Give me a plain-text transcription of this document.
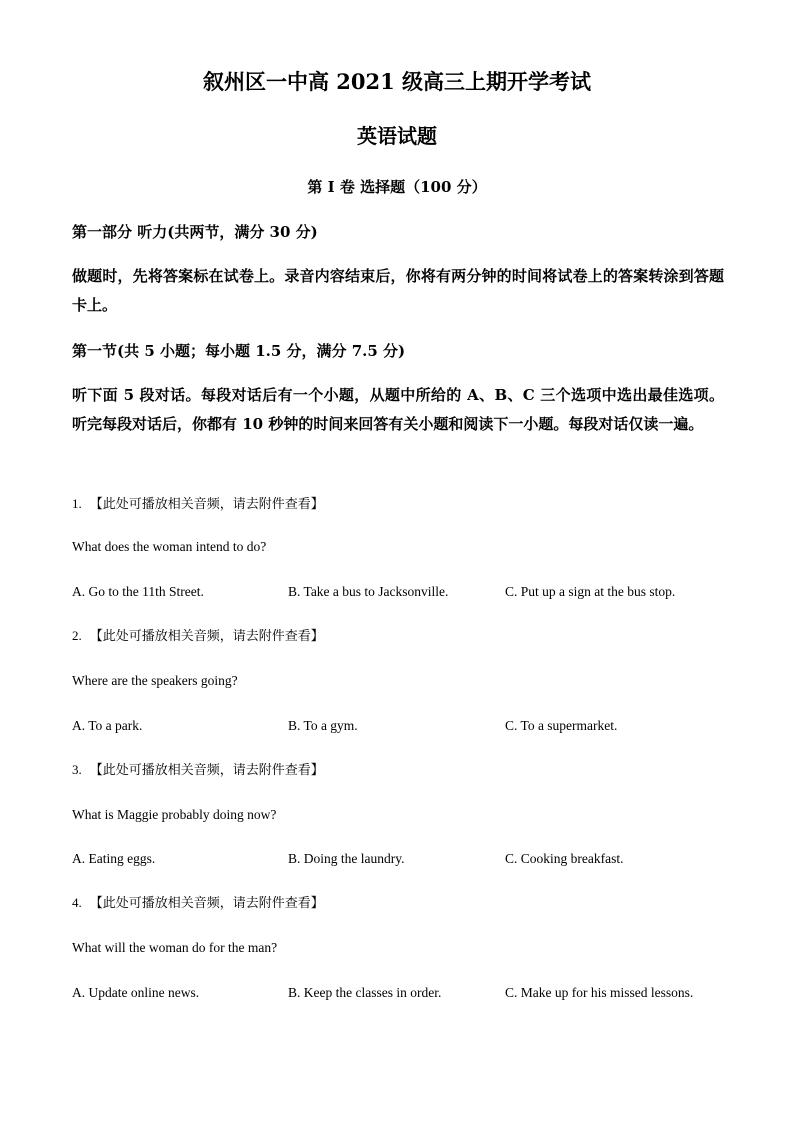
叙州区一中高 2021 级高三上期开学考试
英语试题
第 I 卷 选择题（100 分）
第一部分 听力(共两节，满分 30 分)
做题时，先将答案标在试卷上。录音内容结束后，你将有两分钟的时间将试卷上的答案转涂到答题卡上。
第一节(共 5 小题；每小题 1.5 分，满分 7.5 分)
听下面 5 段对话。每段对话后有一个小题，从题中所给的 A、B、C 三个选项中选出最佳选项。听完每段对话后，你都有 10 秒钟的时间来回答有关小题和阅读下一小题。每段对话仅读一遍。
1. 【此处可播放相关音频，请去附件查看】
What does the woman intend to do?
A. Go to the 11th Street.	B. Take a bus to Jacksonville.	C. Put up a sign at the bus stop.
2. 【此处可播放相关音频，请去附件查看】
Where are the speakers going?
A. To a park.	B. To a gym.	C. To a supermarket.
3. 【此处可播放相关音频，请去附件查看】
What is Maggie probably doing now?
A. Eating eggs.	B. Doing the laundry.	C. Cooking breakfast.
4. 【此处可播放相关音频，请去附件查看】
What will the woman do for the man?
A. Update online news.	B. Keep the classes in order.	C. Make up for his missed lessons.
